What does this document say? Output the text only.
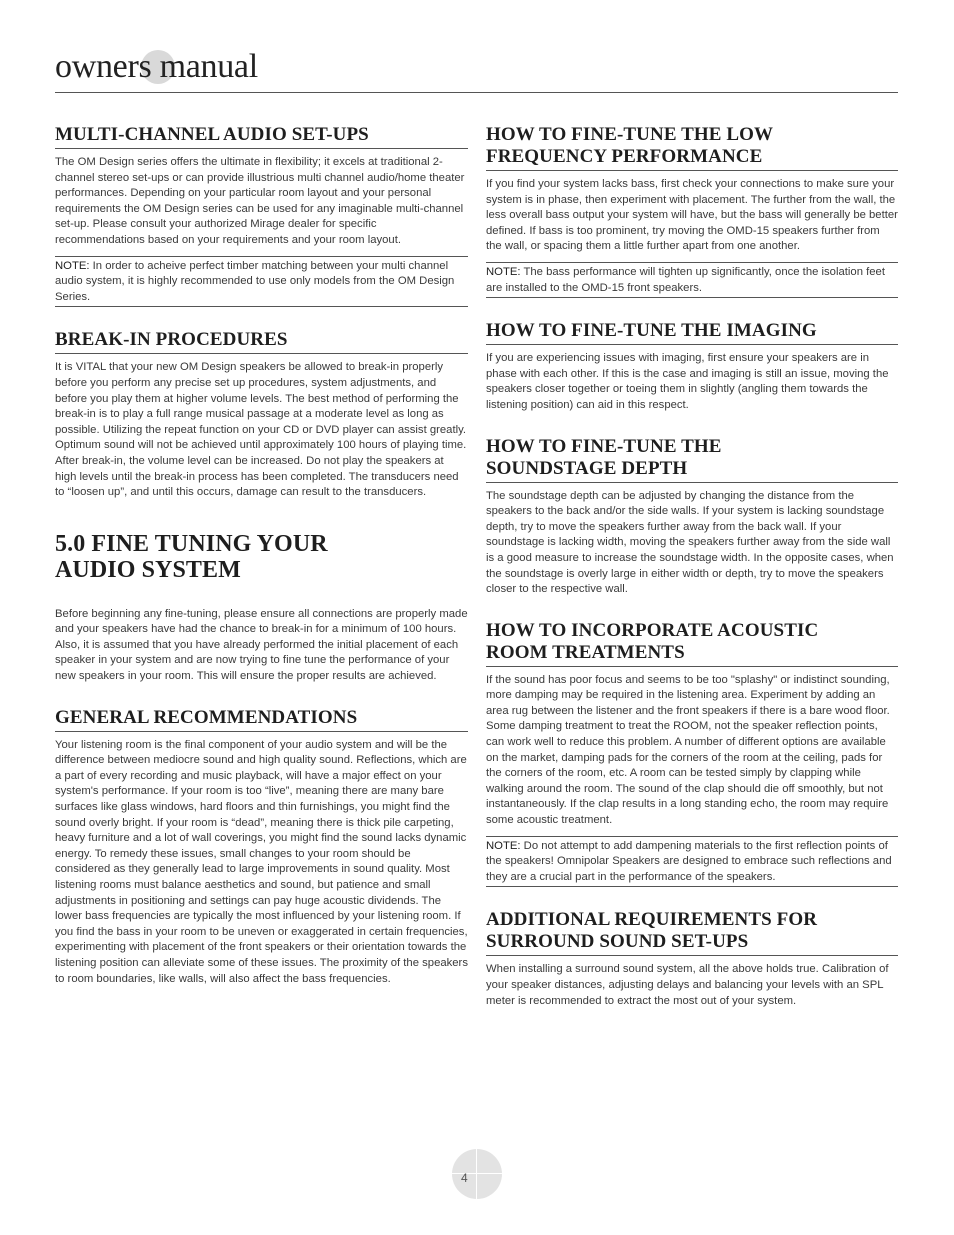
owners manual
MULTI-CHANNEL AUDIO SET-UPS

The OM Design series offers the ultimate in flexibility; it excels at traditional 2-channel stereo set-ups or can provide illustrious multi channel audio/home theater performances. Depending on your particular room layout and your personal requirements the OM Design series can be used for any imaginable multi-channel set-up. Please consult your authorized Mirage dealer for specific recommendations based on your requirements and your room layout.

NOTE: In order to acheive perfect timber matching between your multi channel audio system, it is highly recommended to use only models from the OM Design Series.
BREAK-IN PROCEDURES

It is VITAL that your new OM Design speakers be allowed to break-in properly before you perform any precise set up procedures, system adjustments, and before you play them at higher volume levels. The best method of performing the break-in is to play a full range musical passage at a moderate level as long as possible. Utilizing the repeat function on your CD or DVD player can assist greatly. Optimum sound will not be achieved until approximately 100 hours of playing time. After break-in, the volume level can be increased. Do not play the speakers at high levels until the break-in process has been completed. The transducers need to “loosen up”, and until this occurs, damage can result to the transducers.

5.0 FINE TUNING YOUR
AUDIO SYSTEM

Before beginning any fine-tuning, please ensure all connections are properly made and your speakers have had the chance to break-in for a minimum of 100 hours. Also, it is assumed that you have already performed the initial placement of each speaker in your system and are now trying to fine tune the performance of your new speakers in your room. This will ensure the proper results are achieved.

GENERAL RECOMMENDATIONS

Your listening room is the final component of your audio system and will be the difference between mediocre sound and high quality sound. Reflections, which are a part of every recording and music playback, will have a major effect on your system's performance. If your room is too “live”, meaning there are many bare surfaces like glass windows, hard floors and thin furnishings, you might find the sound overly bright. If your room is “dead”, meaning there is thick pile carpeting, heavy furniture and a lot of wall coverings, you might find the sound lacks dynamic energy. To remedy these issues, small changes to your room should be considered as they generally lead to large improvements in sound quality. Most listening rooms must balance aesthetics and sound, but patience and small adjustments in positioning and settings can pay huge acoustic dividends. The lower bass frequencies are typically the most influenced by your listening room. If you find the bass in your room to be uneven or exaggerated in certain frequencies, experimenting with placement of the front speakers or their orientation towards the listening position can alleviate some of these issues. The proximity of the speakers to room boundaries, like walls, will also affect the bass frequencies.

HOW TO FINE-TUNE THE LOW
FREQUENCY PERFORMANCE

If you find your system lacks bass, first check your connections to make sure your system is in phase, then experiment with placement. The further from the wall, the less overall bass output your system will have, but the bass will generally be better defined. If bass is too prominent, try moving the OMD-15 speakers further from the wall, or spacing them a little further apart from one another.

NOTE: The bass performance will tighten up significantly, once the isolation feet are installed to the OMD-15 front speakers.
HOW TO FINE-TUNE THE IMAGING

If you are experiencing issues with imaging, first ensure your speakers are in phase with each other. If this is the case and imaging is still an issue, moving the speakers closer together or toeing them in slightly (angling them towards the listening position) can aid in this respect.

HOW TO FINE-TUNE THE
SOUNDSTAGE DEPTH

The soundstage depth can be adjusted by changing the distance from the speakers to the back and/or the side walls. If your system is lacking soundstage depth, try to move the speakers further away from the back wall. If your soundstage is lacking width, moving the speakers further away from the side wall is a good measure to increase the soundstage width. In the opposite cases, when the soundstage is overly large in either width or depth, try to move the speakers closer to the respective wall.

HOW TO INCORPORATE ACOUSTIC
ROOM TREATMENTS

If the sound has poor focus and seems to be too "splashy" or indistinct sounding, more damping may be required in the listening area. Experiment by adding an area rug between the listener and the front speakers if there is a bare wood floor. Some damping treatment to treat the ROOM, not the speaker reflection points, can work well to reduce this problem. A number of different options are available on the market, damping pads for the corners of the room at the ceiling, pads for the corners of the room, etc. A room can be tested simply by clapping while walking around the room. The sound of the clap should die off smoothly, but not instantaneously. If the clap results in a long standing echo, the room may require some acoustic treatment.

NOTE: Do not attempt to add dampening materials to the first reflection points of the speakers! Omnipolar Speakers are designed to embrace such reflections and they are a crucial part in the performance of the speakers.
ADDITIONAL REQUIREMENTS FOR
SURROUND SOUND SET-UPS

When installing a surround sound system, all the above holds true. Calibration of your speaker distances, adjusting delays and balancing your levels with an SPL meter is recommended to extract the most out of your system.

4
